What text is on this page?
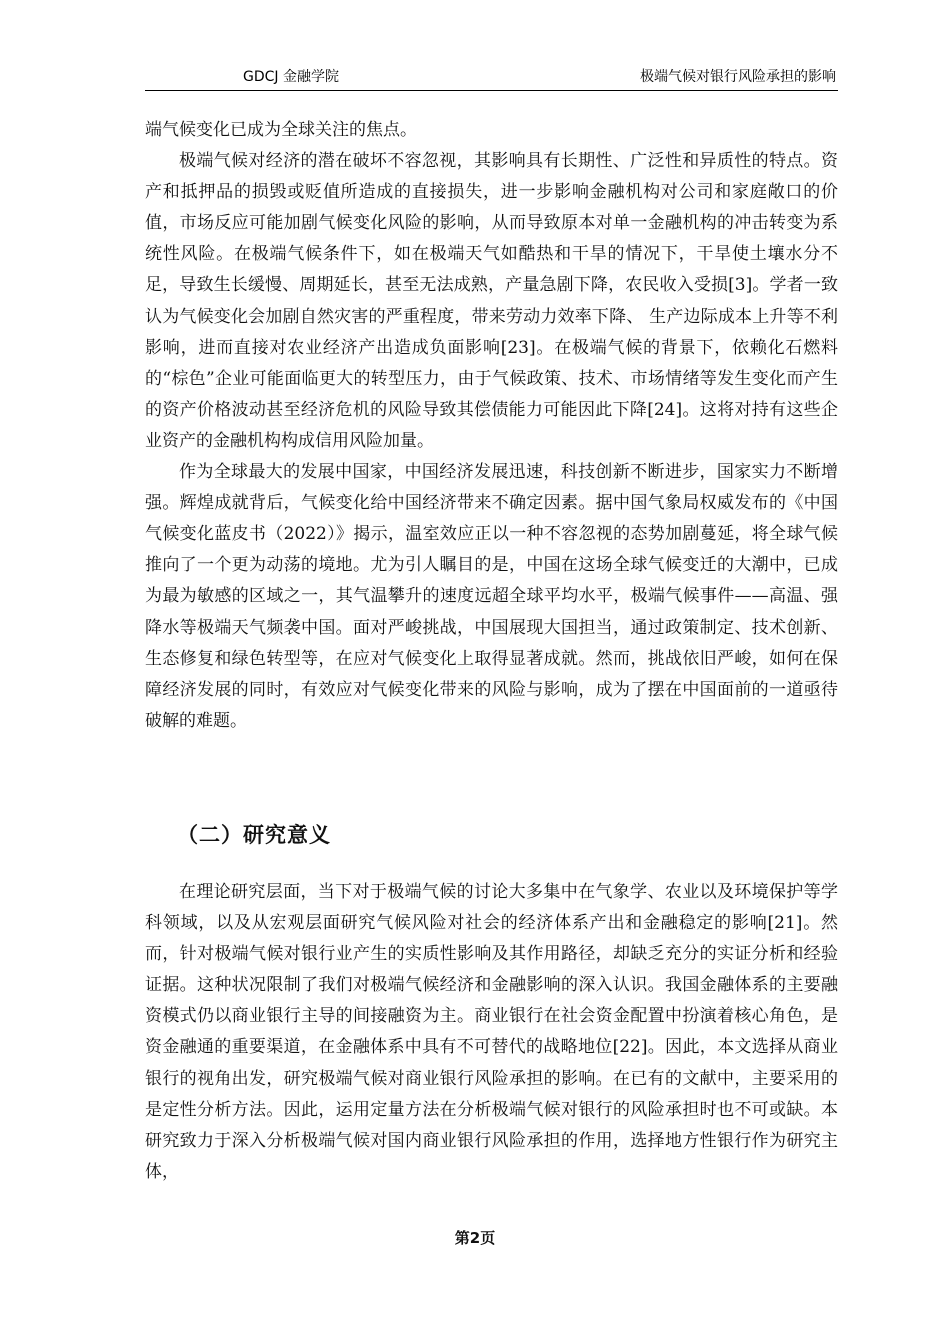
GDCJ 金融学院	极端气候对银行风险承担的影响

端气候变化已成为全球关注的焦点。

极端气候对经济的潜在破坏不容忽视，其影响具有长期性、广泛性和异质性的特点。资产和抵押品的损毁或贬值所造成的直接损失，进一步影响金融机构对公司和家庭敞口的价值，市场反应可能加剧气候变化风险的影响，从而导致原本对单一金融机构的冲击转变为系统性风险。在极端气候条件下，如在极端天气如酷热和干旱的情况下，干旱使土壤水分不足，导致生长缓慢、周期延长，甚至无法成熟，产量急剧下降，农民收入受损[3]。学者一致认为气候变化会加剧自然灾害的严重程度，带来劳动力效率下降、 生产边际成本上升等不利影响，进而直接对农业经济产出造成负面影响[23]。在极端气候的背景下，依赖化石燃料的“棕色”企业可能面临更大的转型压力，由于气候政策、技术、市场情绪等发生变化而产生的资产价格波动甚至经济危机的风险导致其偿债能力可能因此下降[24]。这将对持有这些企业资产的金融机构构成信用风险加量。

作为全球最大的发展中国家，中国经济发展迅速，科技创新不断进步，国家实力不断增强。辉煌成就背后，气候变化给中国经济带来不确定因素。据中国气象局权威发布的《中国气候变化蓝皮书（2022）》揭示，温室效应正以一种不容忽视的态势加剧蔓延，将全球气候推向了一个更为动荡的境地。尤为引人瞩目的是，中国在这场全球气候变迁的大潮中，已成为最为敏感的区域之一，其气温攀升的速度远超全球平均水平，极端气候事件——高温、强降水等极端天气频袭中国。面对严峻挑战，中国展现大国担当，通过政策制定、技术创新、生态修复和绿色转型等，在应对气候变化上取得显著成就。然而，挑战依旧严峻，如何在保障经济发展的同时，有效应对气候变化带来的风险与影响，成为了摆在中国面前的一道亟待破解的难题。

（二）研究意义

在理论研究层面，当下对于极端气候的讨论大多集中在气象学、农业以及环境保护等学科领域，以及从宏观层面研究气候风险对社会的经济体系产出和金融稳定的影响[21]。然而，针对极端气候对银行业产生的实质性影响及其作用路径，却缺乏充分的实证分析和经验证据。这种状况限制了我们对极端气候经济和金融影响的深入认识。我国金融体系的主要融资模式仍以商业银行主导的间接融资为主。商业银行在社会资金配置中扮演着核心角色，是资金融通的重要渠道，在金融体系中具有不可替代的战略地位[22]。因此，本文选择从商业银行的视角出发，研究极端气候对商业银行风险承担的影响。在已有的文献中，主要采用的是定性分析方法。因此，运用定量方法在分析极端气候对银行的风险承担时也不可或缺。本研究致力于深入分析极端气候对国内商业银行风险承担的作用，选择地方性银行作为研究主体，

第2页
